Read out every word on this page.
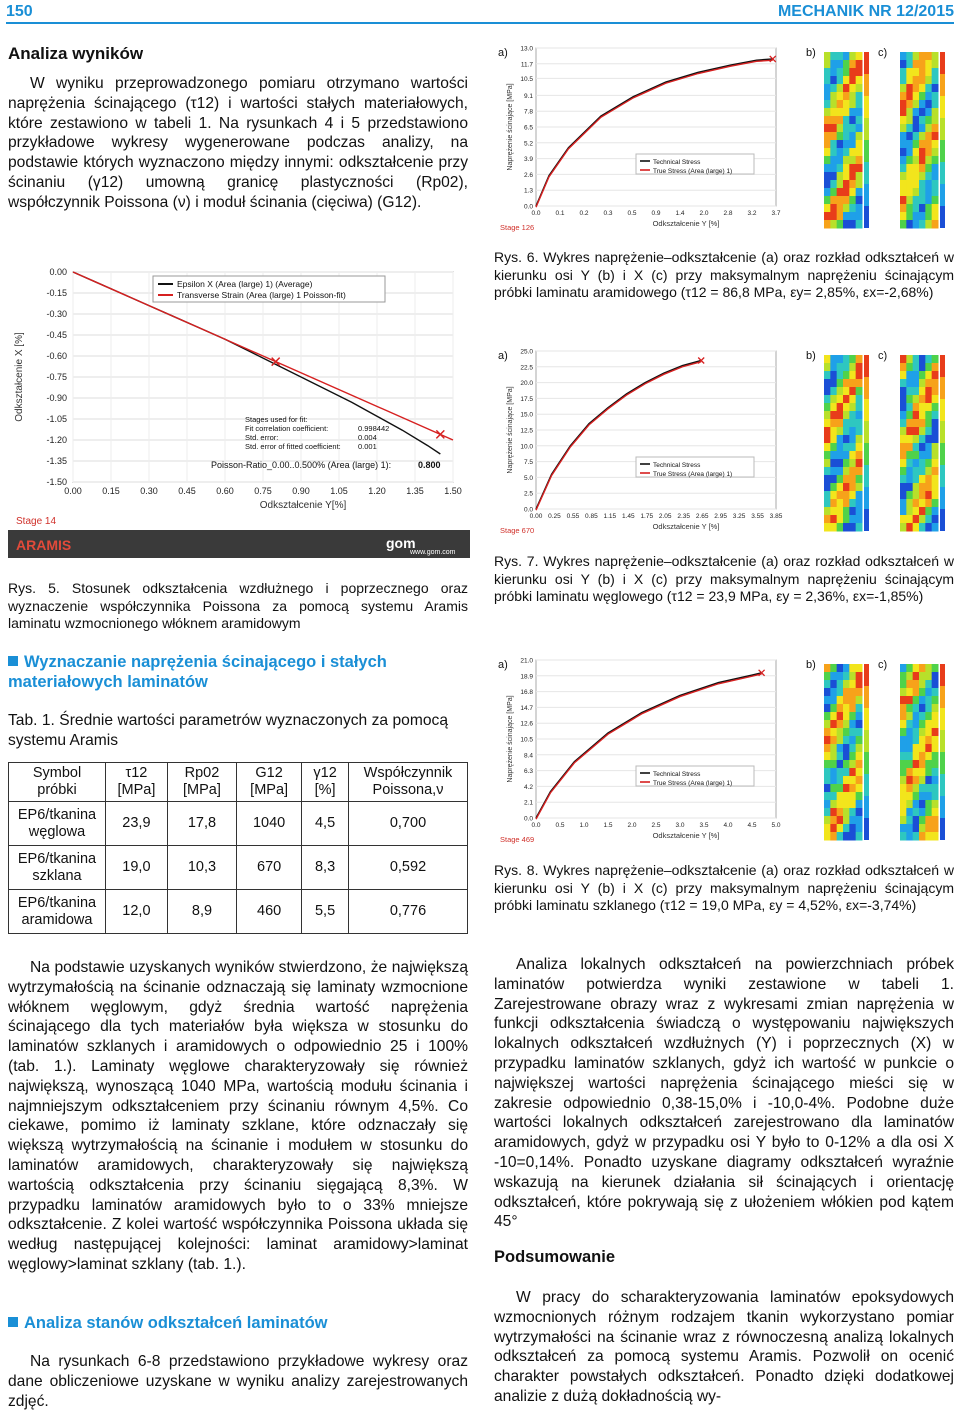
150	MECHANIK NR 12/2015
Analiza wyników

W wyniku przeprowadzonego pomiaru otrzymano wartości naprężenia ścinającego (τ12) i wartości stałych materiałowych, które zestawiono w tabeli 1. Na rysunkach 4 i 5 przedstawiono przykładowe wykresy wygenerowane podczas analizy, na podstawie których wyznaczono między innymi: odkształcenie przy ścinaniu (γ12) umowną granicę plastyczności (Rp02), współczynnik Poissona (ν) i moduł ścinania (cięciwa) (G12).

0.00
-0.15
-0.30
-0.45
-0.60
-0.75
-0.90
-1.05
-1.20
-1.35
-1.50
0.00 0.15 0.30 0.45 0.60 0.75 0.90 1.05 1.20 1.35 1.50
Odkształcenie X [%]
Odkształcenie Y[%]
Epsilon X (Area (large) 1) (Average)
Transverse Strain (Area (large) 1 Poisson-fit)
Stages used for fit:
Fit correlation coefficient:	0.998442
Std. error:	0.004
Std. error of fitted coefficient: 0.001
Poisson-Ratio_0.00..0.500% (Area (large) 1):	0.800
Stage 14
ARAMIS	gom
www.gom.com

Rys. 5. Stosunek odkształcenia wzdłużnego i poprzecznego oraz wyznaczenie współczynnika Poissona za pomocą systemu Aramis laminatu wzmocnionego włóknem aramidowym

Wyznaczanie naprężenia ścinającego i stałych materiałowych laminatów

Tab. 1. Średnie wartości parametrów wyznaczonych za pomocą systemu Aramis

Symbol próbki	τ12 [MPa]	Rp02 [MPa]	G12 [MPa]	γ12 [%]	Współczynnik Poissona,ν
EP6/tkanina węglowa	23,9	17,8	1040	4,5	0,700
EP6/tkanina szklana	19,0	10,3	670	8,3	0,592
EP6/tkanina aramidowa	12,0	8,9	460	5,5	0,776

Na podstawie uzyskanych wyników stwierdzono, że największą wytrzymałością na ścinanie odznaczają się laminaty wzmocnione włóknem węglowym, gdyż średnia wartość naprężenia ścinającego dla tych materiałów była większa w stosunku do laminatów szklanych i aramidowych o odpowiednio 25 i 100% (tab. 1.). Laminaty węglowe charakteryzowały się również największą, wynoszącą 1040 MPa, wartością modułu ścinania i najmniejszym odkształceniem przy ścinaniu równym 4,5%. Co ciekawe, pomimo iż laminaty szklane, które odznaczały się większą wytrzymałością na ścinanie i modułem w stosunku do laminatów aramidowych, charakteryzowały się największą wartością odkształcenia przy ścinaniu sięgającą 8,3%. W przypadku laminatów aramidowych było to o 33% mniejsze odkształcenie. Z kolei wartość współczynnika Poissona układa się według następującej kolejności: laminat aramidowy>laminat węglowy>laminat szklany (tab. 1.).

Analiza stanów odkształceń laminatów

Na rysunkach 6-8 przedstawiono przykładowe wykresy oraz dane obliczeniowe uzyskane w wyniku analizy zarejestrowanych zdjęć.

0.0
1.3
2.6
3.9
5.2
6.5
7.8
9.1
10.5
11.7
13.0
0.0 0.1 0.2 0.3 0.5 0.9 1.4 2.0 2.8 3.2 3.7
Naprężenie ścinające [MPa]
Odkształcenie Y [%]
Technical Stress
True Stress (Area (large) 1)
Stage 126
a)	b)	c)

Rys. 6. Wykres naprężenie–odkształcenie (a) oraz rozkład odkształceń w kierunku osi Y (b) i X (c) przy maksymalnym naprężeniu ścinającym próbki laminatu aramidowego (τ12 = 86,8 MPa, εy= 2,85%, εx=-2,68%)

0.0
2.5
5.0
7.5
10.0
12.5
15.0
17.5
20.0
22.5
25.0
0.00 0.25 0.55 0.85 1.15 1.45 1.75 2.05 2.35 2.65 2.95 3.25 3.55 3.85
Naprężenie ścinające [MPa]
Odkształcenie Y [%]
Technical Stress
True Stress (Area (large) 1)
Stage 670
a)	b)	c)

Rys. 7. Wykres naprężenie–odkształcenie (a) oraz rozkład odkształceń w kierunku osi Y (b) i X (c) przy maksymalnym naprężeniu ścinającym próbki laminatu węglowego (τ12 = 23,9 MPa, εy = 2,36%, εx=-1,85%)

0.0
2.1
4.2
6.3
8.4
10.5
12.6
14.7
16.8
18.9
21.0
0.0 0.5 1.0 1.5 2.0 2.5 3.0 3.5 4.0 4.5 5.0
Naprężenie ścinające [MPa]
Odkształcenie Y [%]
Technical Stress
True Stress (Area (large) 1)
Stage 469
a)	b)	c)

Rys. 8. Wykres naprężenie–odkształcenie (a) oraz rozkład odkształceń w kierunku osi Y (b) i X (c) przy maksymalnym naprężeniu ścinającym próbki laminatu szklanego (τ12 = 19,0 MPa, εy = 4,52%, εx=-3,74%)

Analiza lokalnych odkształceń na powierzchniach próbek laminatów potwierdza wyniki zestawione w tabeli 1. Zarejestrowane obrazy wraz z wykresami zmian naprężenia w funkcji odkształcenia świadczą o występowaniu największych lokalnych odkształceń wzdłużnych (Y) i poprzecznych (X) w przypadku laminatów szklanych, gdyż ich wartość w punkcie o największej wartości naprężenia ścinającego mieści się w zakresie odpowiednio 0,38-15,0% i -10,0-4%. Podobne duże wartości lokalnych odkształceń zarejestrowano dla laminatów aramidowych, gdyż w przypadku osi Y było to 0-12% a dla osi X -10=0,14%. Ponadto uzyskane diagramy odkształceń wyraźnie wskazują na kierunek działania sił ścinających i orientację odkształceń, które pokrywają się z ułożeniem włókien pod kątem 45°

Podsumowanie

W pracy do scharakteryzowania laminatów epoksydowych wzmocnionych różnym rodzajem tkanin wykorzystano pomiar wytrzymałości na ścinanie wraz z równoczesną analizą lokalnych odkształceń za pomocą systemu Aramis. Pozwolił on ocenić charakter powstałych odkształceń. Ponadto dzięki dodatkowej analizie z dużą dokładnością wy-
